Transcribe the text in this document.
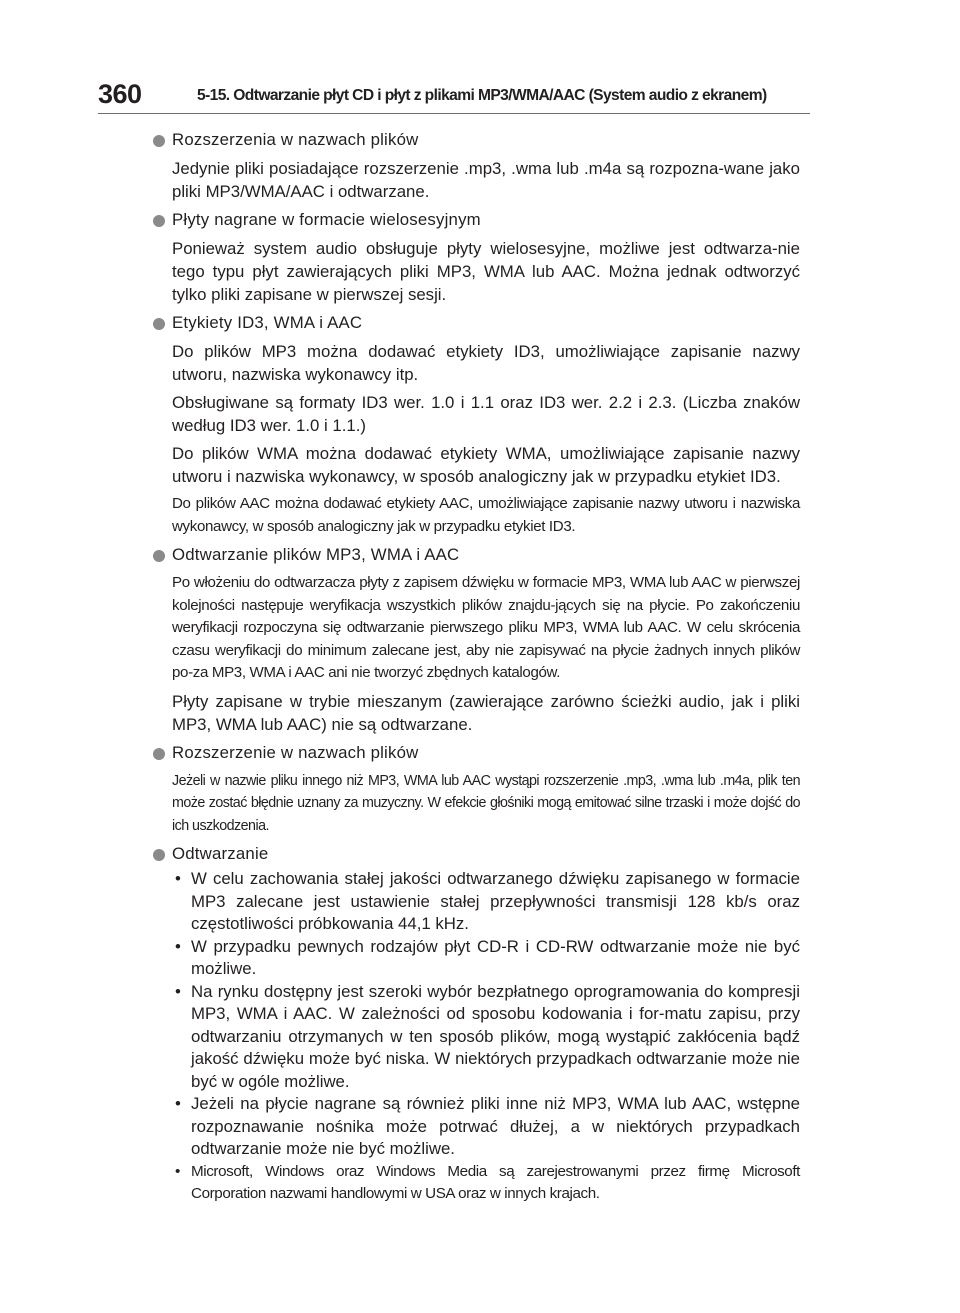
360	5-15. Odtwarzanie płyt CD i płyt z plikami MP3/WMA/AAC (System audio z ekranem)
Rozszerzenia w nazwach plików
Jedynie pliki posiadające rozszerzenie .mp3, .wma lub .m4a są rozpozna-wane jako pliki MP3/WMA/AAC i odtwarzane.
Płyty nagrane w formacie wielosesyjnym
Ponieważ system audio obsługuje płyty wielosesyjne, możliwe jest odtwarza-nie tego typu płyt zawierających pliki MP3, WMA lub AAC. Można jednak odtworzyć tylko pliki zapisane w pierwszej sesji.
Etykiety ID3, WMA i AAC
Do plików MP3 można dodawać etykiety ID3, umożliwiające zapisanie nazwy utworu, nazwiska wykonawcy itp.
Obsługiwane są formaty ID3 wer. 1.0 i 1.1 oraz ID3 wer. 2.2 i 2.3. (Liczba znaków według ID3 wer. 1.0 i 1.1.)
Do plików WMA można dodawać etykiety WMA, umożliwiające zapisanie nazwy utworu i nazwiska wykonawcy, w sposób analogiczny jak w przypadku etykiet ID3.
Do plików AAC można dodawać etykiety AAC, umożliwiające zapisanie nazwy utworu i nazwiska wykonawcy, w sposób analogiczny jak w przypadku etykiet ID3.
Odtwarzanie plików MP3, WMA i AAC
Po włożeniu do odtwarzacza płyty z zapisem dźwięku w formacie MP3, WMA lub AAC w pierwszej kolejności następuje weryfikacja wszystkich plików znajdu-jących się na płycie. Po zakończeniu weryfikacji rozpoczyna się odtwarzanie pierwszego pliku MP3, WMA lub AAC. W celu skrócenia czasu weryfikacji do minimum zalecane jest, aby nie zapisywać na płycie żadnych innych plików po-za MP3, WMA i AAC ani nie tworzyć zbędnych katalogów.
Płyty zapisane w trybie mieszanym (zawierające zarówno ścieżki audio, jak i pliki MP3, WMA lub AAC) nie są odtwarzane.
Rozszerzenie w nazwach plików
Jeżeli w nazwie pliku innego niż MP3, WMA lub AAC wystąpi rozszerzenie .mp3, .wma lub .m4a, plik ten może zostać błędnie uznany za muzyczny. W efekcie głośniki mogą emitować silne trzaski i może dojść do ich uszkodzenia.
Odtwarzanie
• W celu zachowania stałej jakości odtwarzanego dźwięku zapisanego w formacie MP3 zalecane jest ustawienie stałej przepływności transmisji 128 kb/s oraz częstotliwości próbkowania 44,1 kHz.
• W przypadku pewnych rodzajów płyt CD-R i CD-RW odtwarzanie może nie być możliwe.
• Na rynku dostępny jest szeroki wybór bezpłatnego oprogramowania do kompresji MP3, WMA i AAC. W zależności od sposobu kodowania i for-matu zapisu, przy odtwarzaniu otrzymanych w ten sposób plików, mogą wystąpić zakłócenia bądź jakość dźwięku może być niska. W niektórych przypadkach odtwarzanie może nie być w ogóle możliwe.
• Jeżeli na płycie nagrane są również pliki inne niż MP3, WMA lub AAC, wstępne rozpoznawanie nośnika może potrwać dłużej, a w niektórych przypadkach odtwarzanie może nie być możliwe.
• Microsoft, Windows oraz Windows Media są zarejestrowanymi przez firmę Microsoft Corporation nazwami handlowymi w USA oraz w innych krajach.
